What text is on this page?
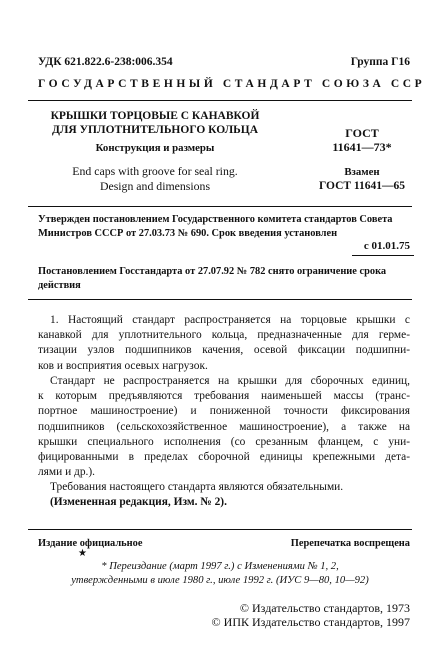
УДК 621.822.6-238:006.354	Группа Г16
ГОСУДАРСТВЕННЫЙ СТАНДАРТ СОЮЗА ССР
КРЫШКИ ТОРЦОВЫЕ С КАНАВКОЙ
ДЛЯ УПЛОТНИТЕЛЬНОГО КОЛЬЦА
Конструкция и размеры
End caps with groove for seal ring.
Design and dimensions
ГОСТ
11641—73*
Взамен
ГОСТ 11641—65
Утвержден постановлением Государственного комитета стандартов Совета
Министров СССР от 27.03.73 № 690. Срок введения установлен
с 01.01.75
Постановлением Госстандарта от 27.07.92 № 782 снято ограничение срока
действия
1. Настоящий стандарт распространяется на торцовые крышки с
канавкой для уплотнительного кольца, предназначенные для герме-
тизации узлов подшипников качения, осевой фиксации подшипни-
ков и восприятия осевых нагрузок.
Стандарт не распространяется на крышки для сборочных единиц,
к которым предъявляются требования наименьшей массы (транс-
портное машиностроение) и пониженной точности фиксирования
подшипников (сельскохозяйственное машиностроение), а также на
крышки специального исполнения (со срезанным фланцем, с уни-
фицированными в пределах сборочной единицы крепежными дета-
лями и др.).
Требования настоящего стандарта являются обязательными.
(Измененная редакция, Изм. № 2).
Издание официальное
★
Перепечатка воспрещена
* Переиздание (март 1997 г.) с Изменениями № 1, 2,
утвержденными в июле 1980 г., июле 1992 г. (ИУС 9—80, 10—92)
© Издательство стандартов, 1973
© ИПК Издательство стандартов, 1997
